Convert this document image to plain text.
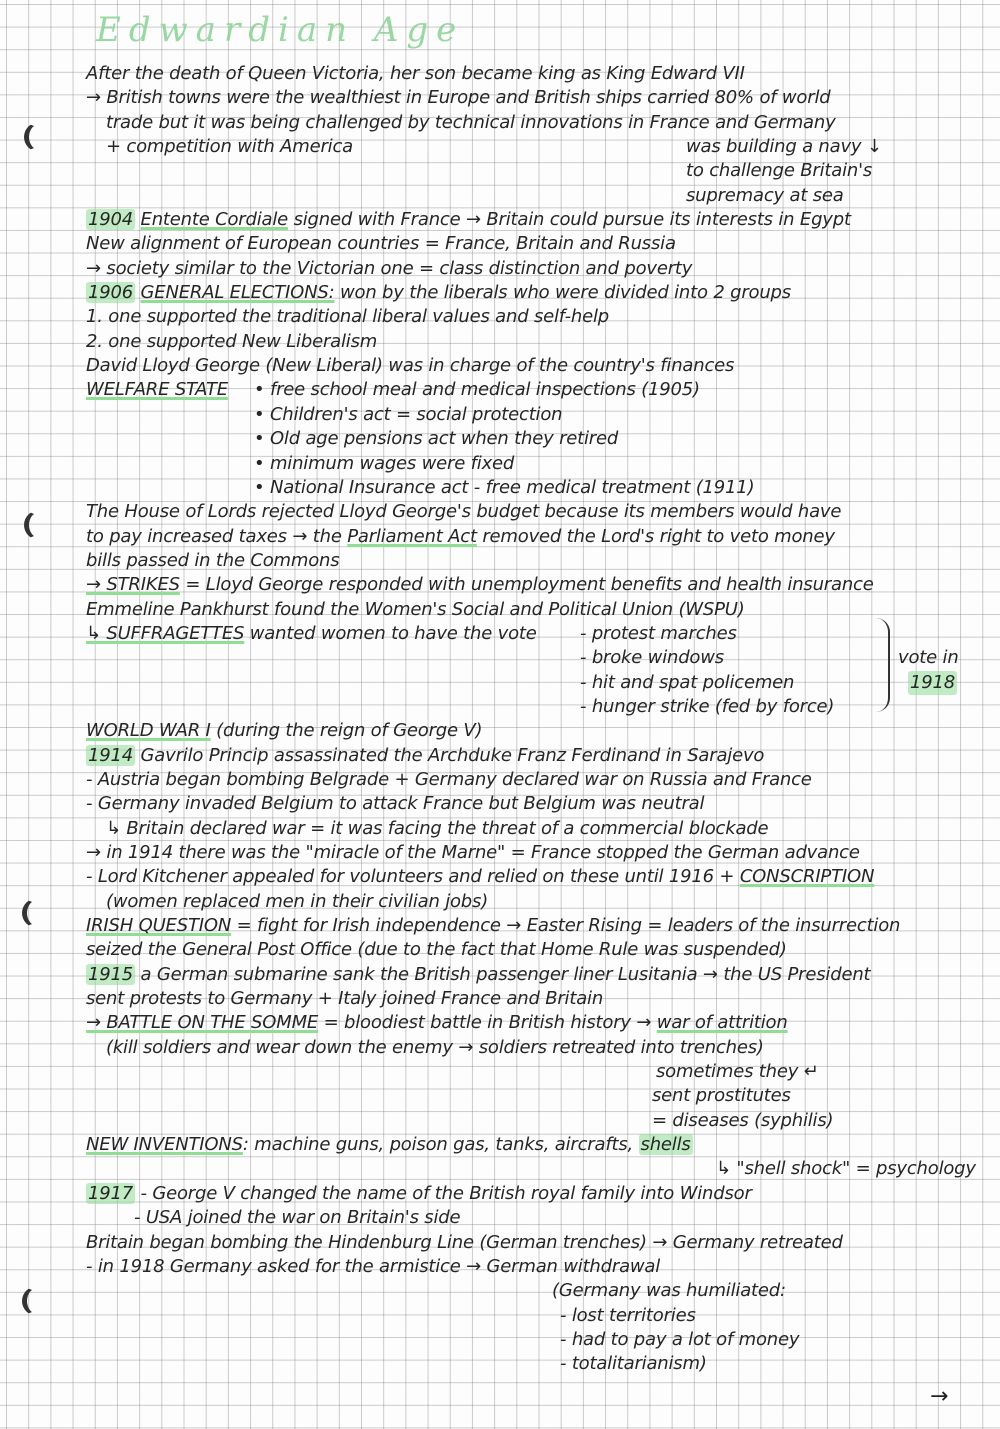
Edwardian Age
After the death of Queen Victoria, her son became king as King Edward VII
→ British towns were the wealthiest in Europe and British ships carried 80% of world
trade but it was being challenged by technical innovations in France and Germany
+ competition with America	was building a navy ↓
to challenge Britain's
supremacy at sea
1904 Entente Cordiale signed with France → Britain could pursue its interests in Egypt
New alignment of European countries = France, Britain and Russia
→ society similar to the Victorian one = class distinction and poverty
1906 GENERAL ELECTIONS: won by the liberals who were divided into 2 groups
1. one supported the traditional liberal values and self-help
2. one supported New Liberalism
David Lloyd George (New Liberal) was in charge of the country's finances
WELFARE STATE • free school meal and medical inspections (1905)
• Children's act = social protection
• Old age pensions act when they retired
• minimum wages were fixed
• National Insurance act - free medical treatment (1911)
The House of Lords rejected Lloyd George's budget because its members would have
to pay increased taxes → the Parliament Act removed the Lord's right to veto money
bills passed in the Commons
→ STRIKES = Lloyd George responded with unemployment benefits and health insurance
Emmeline Pankhurst found the Women's Social and Political Union (WSPU)
↳ SUFFRAGETTES wanted women to have the vote - protest marches
- broke windows	vote in
- hit and spat policemen	1918
- hunger strike (fed by force)
WORLD WAR I (during the reign of George V)
1914 Gavrilo Princip assassinated the Archduke Franz Ferdinand in Sarajevo
- Austria began bombing Belgrade + Germany declared war on Russia and France
- Germany invaded Belgium to attack France but Belgium was neutral
↳ Britain declared war = it was facing the threat of a commercial blockade
→ in 1914 there was the "miracle of the Marne" = France stopped the German advance
- Lord Kitchener appealed for volunteers and relied on these until 1916 + CONSCRIPTION
(women replaced men in their civilian jobs)
IRISH QUESTION = fight for Irish independence → Easter Rising = leaders of the insurrection
seized the General Post Office (due to the fact that Home Rule was suspended)
1915 a German submarine sank the British passenger liner Lusitania → the US President
sent protests to Germany + Italy joined France and Britain
→ BATTLE ON THE SOMME = bloodiest battle in British history → war of attrition
(kill soldiers and wear down the enemy → soldiers retreated into trenches)
sometimes they ↵
sent prostitutes
= diseases (syphilis)
NEW INVENTIONS: machine guns, poison gas, tanks, aircrafts, shells
↳ "shell shock" = psychology
1917 - George V changed the name of the British royal family into Windsor
- USA joined the war on Britain's side
Britain began bombing the Hindenburg Line (German trenches) → Germany retreated
- in 1918 Germany asked for the armistice → German withdrawal
(Germany was humiliated:
- lost territories
- had to pay a lot of money
- totalitarianism)
→
